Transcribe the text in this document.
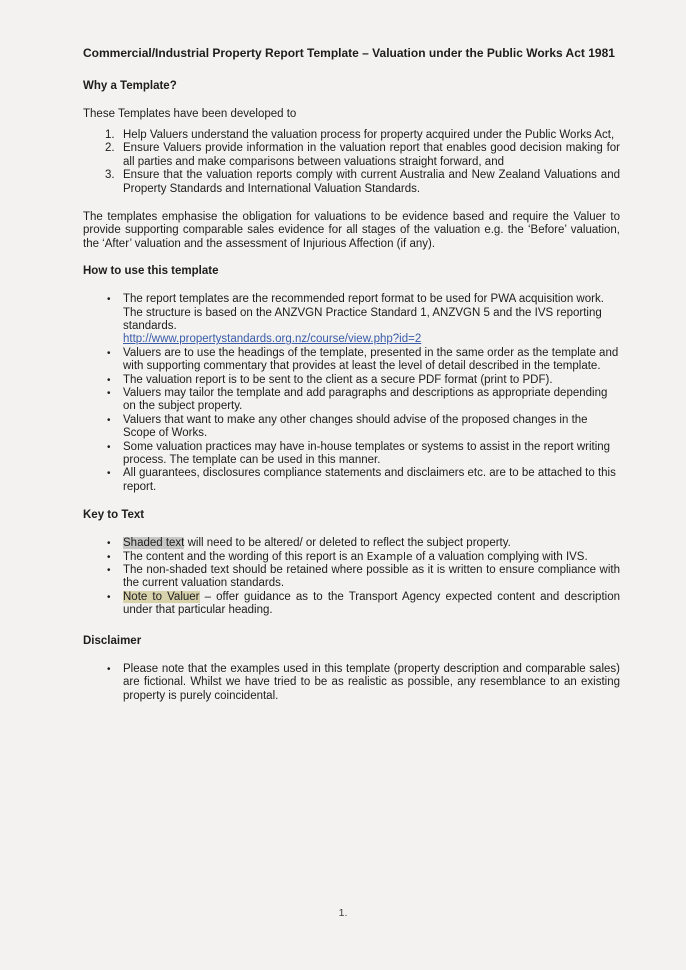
Commercial/Industrial Property Report Template – Valuation under the Public Works Act 1981

Why a Template?

These Templates have been developed to

1. Help Valuers understand the valuation process for property acquired under the Public Works Act,
2. Ensure Valuers provide information in the valuation report that enables good decision making for all parties and make comparisons between valuations straight forward, and
3. Ensure that the valuation reports comply with current Australia and New Zealand Valuations and Property Standards and International Valuation Standards.

The templates emphasise the obligation for valuations to be evidence based and require the Valuer to provide supporting comparable sales evidence for all stages of the valuation e.g. the ‘Before’ valuation, the ‘After’ valuation and the assessment of Injurious Affection (if any).

How to use this template

•	The report templates are the recommended report format to be used for PWA acquisition work. The structure is based on the ANZVGN Practice Standard 1, ANZVGN 5 and the IVS reporting standards.
http://www.propertystandards.org.nz/course/view.php?id=2
•	Valuers are to use the headings of the template, presented in the same order as the template and with supporting commentary that provides at least the level of detail described in the template.
•	The valuation report is to be sent to the client as a secure PDF format (print to PDF).
•	Valuers may tailor the template and add paragraphs and descriptions as appropriate depending on the subject property.
•	Valuers that want to make any other changes should advise of the proposed changes in the Scope of Works.
•	Some valuation practices may have in-house templates or systems to assist in the report writing process. The template can be used in this manner.
•	All guarantees, disclosures compliance statements and disclaimers etc. are to be attached to this report.

Key to Text

•	Shaded text will need to be altered/ or deleted to reflect the subject property.
•	The content and the wording of this report is an Example of a valuation complying with IVS.
•	The non-shaded text should be retained where possible as it is written to ensure compliance with the current valuation standards.
•	Note to Valuer – offer guidance as to the Transport Agency expected content and description under that particular heading.

Disclaimer

•	Please note that the examples used in this template (property description and comparable sales) are fictional. Whilst we have tried to be as realistic as possible, any resemblance to an existing property is purely coincidental.
1.
